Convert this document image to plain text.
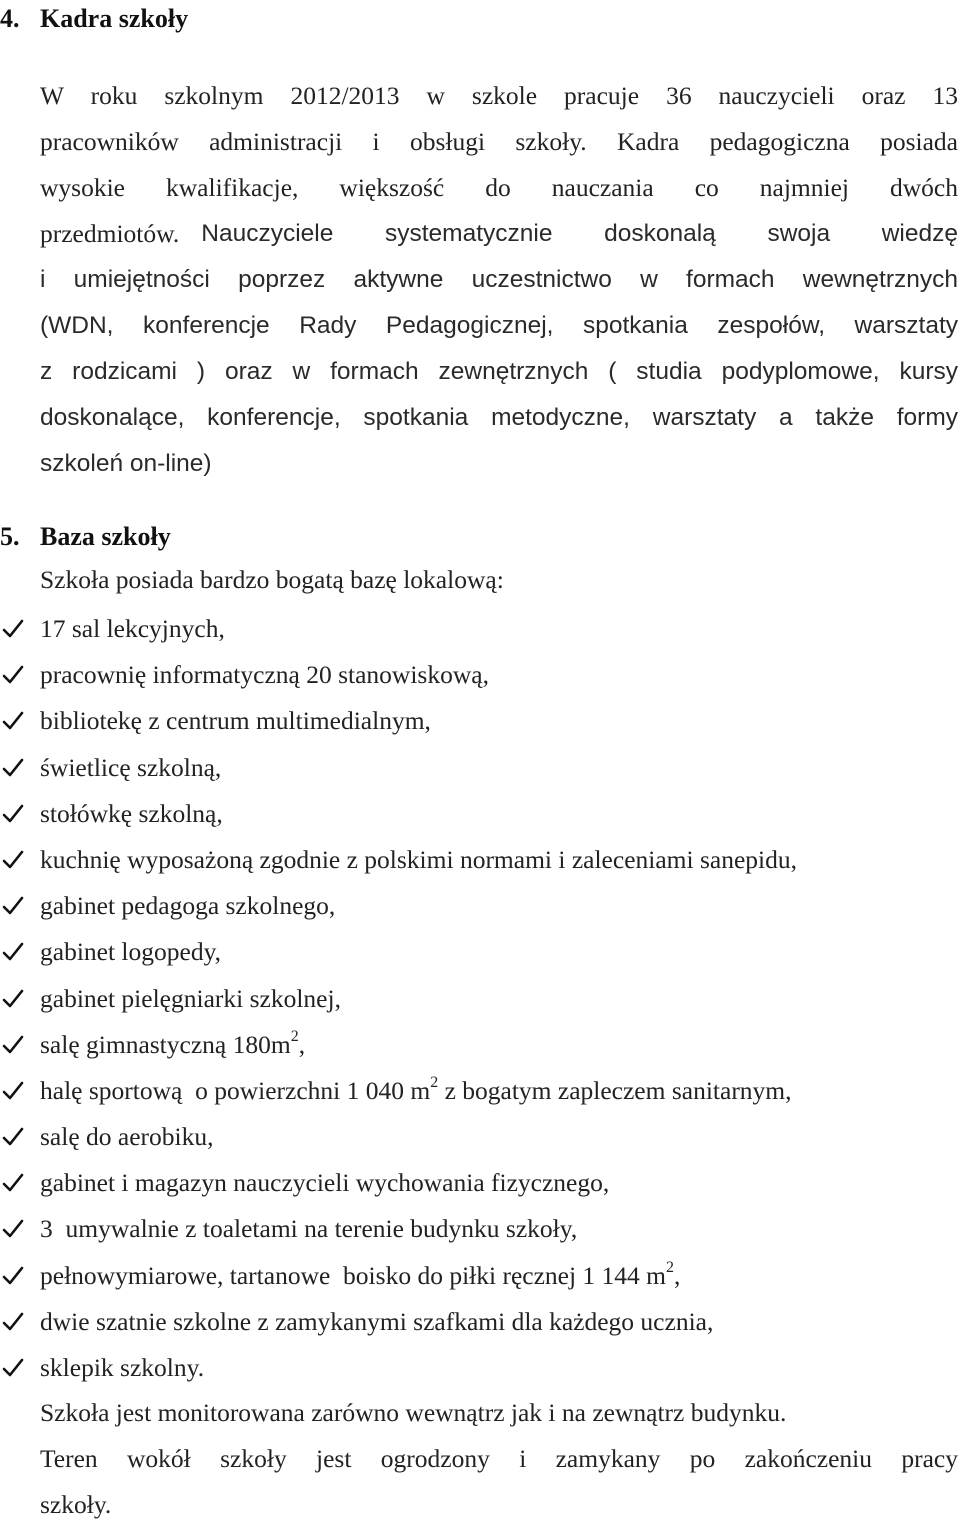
4. Kadra szkoły
W roku szkolnym 2012/2013 w szkole pracuje 36 nauczycieli oraz 13
pracowników administracji i obsługi szkoły. Kadra pedagogiczna posiada
wysokie kwalifikacje, większość do nauczania co najmniej dwóch
przedmiotów. Nauczyciele systematycznie doskonalą swoja wiedzę
i umiejętności poprzez aktywne uczestnictwo w formach wewnętrznych
(WDN, konferencje Rady Pedagogicznej, spotkania zespołów, warsztaty
z rodzicami ) oraz w formach zewnętrznych ( studia podyplomowe, kursy
doskonalące, konferencje, spotkania metodyczne, warsztaty a także formy
szkoleń on-line)
5. Baza szkoły
Szkoła posiada bardzo bogatą bazę lokalową:
17 sal lekcyjnych,
pracownię informatyczną 20 stanowiskową,
bibliotekę z centrum multimedialnym,
świetlicę szkolną,
stołówkę szkolną,
kuchnię wyposażoną zgodnie z polskimi normami i zaleceniami sanepidu,
gabinet pedagoga szkolnego,
gabinet logopedy,
gabinet pielęgniarki szkolnej,
salę gimnastyczną $180m^2$,
halę sportową  o powierzchni 1 040 $m^2$ z bogatym zapleczem sanitarnym,
salę do aerobiku,
gabinet i magazyn nauczycieli wychowania fizycznego,
3  umywalnie z toaletami na terenie budynku szkoły,
pełnowymiarowe, tartanowe  boisko do piłki ręcznej 1 144 $m^2$,
dwie szatnie szkolne z zamykanymi szafkami dla każdego ucznia,
sklepik szkolny.
Szkoła jest monitorowana zarówno wewnątrz jak i na zewnątrz budynku.
Teren wokół szkoły jest ogrodzony i zamykany po zakończeniu pracy
szkoły.
